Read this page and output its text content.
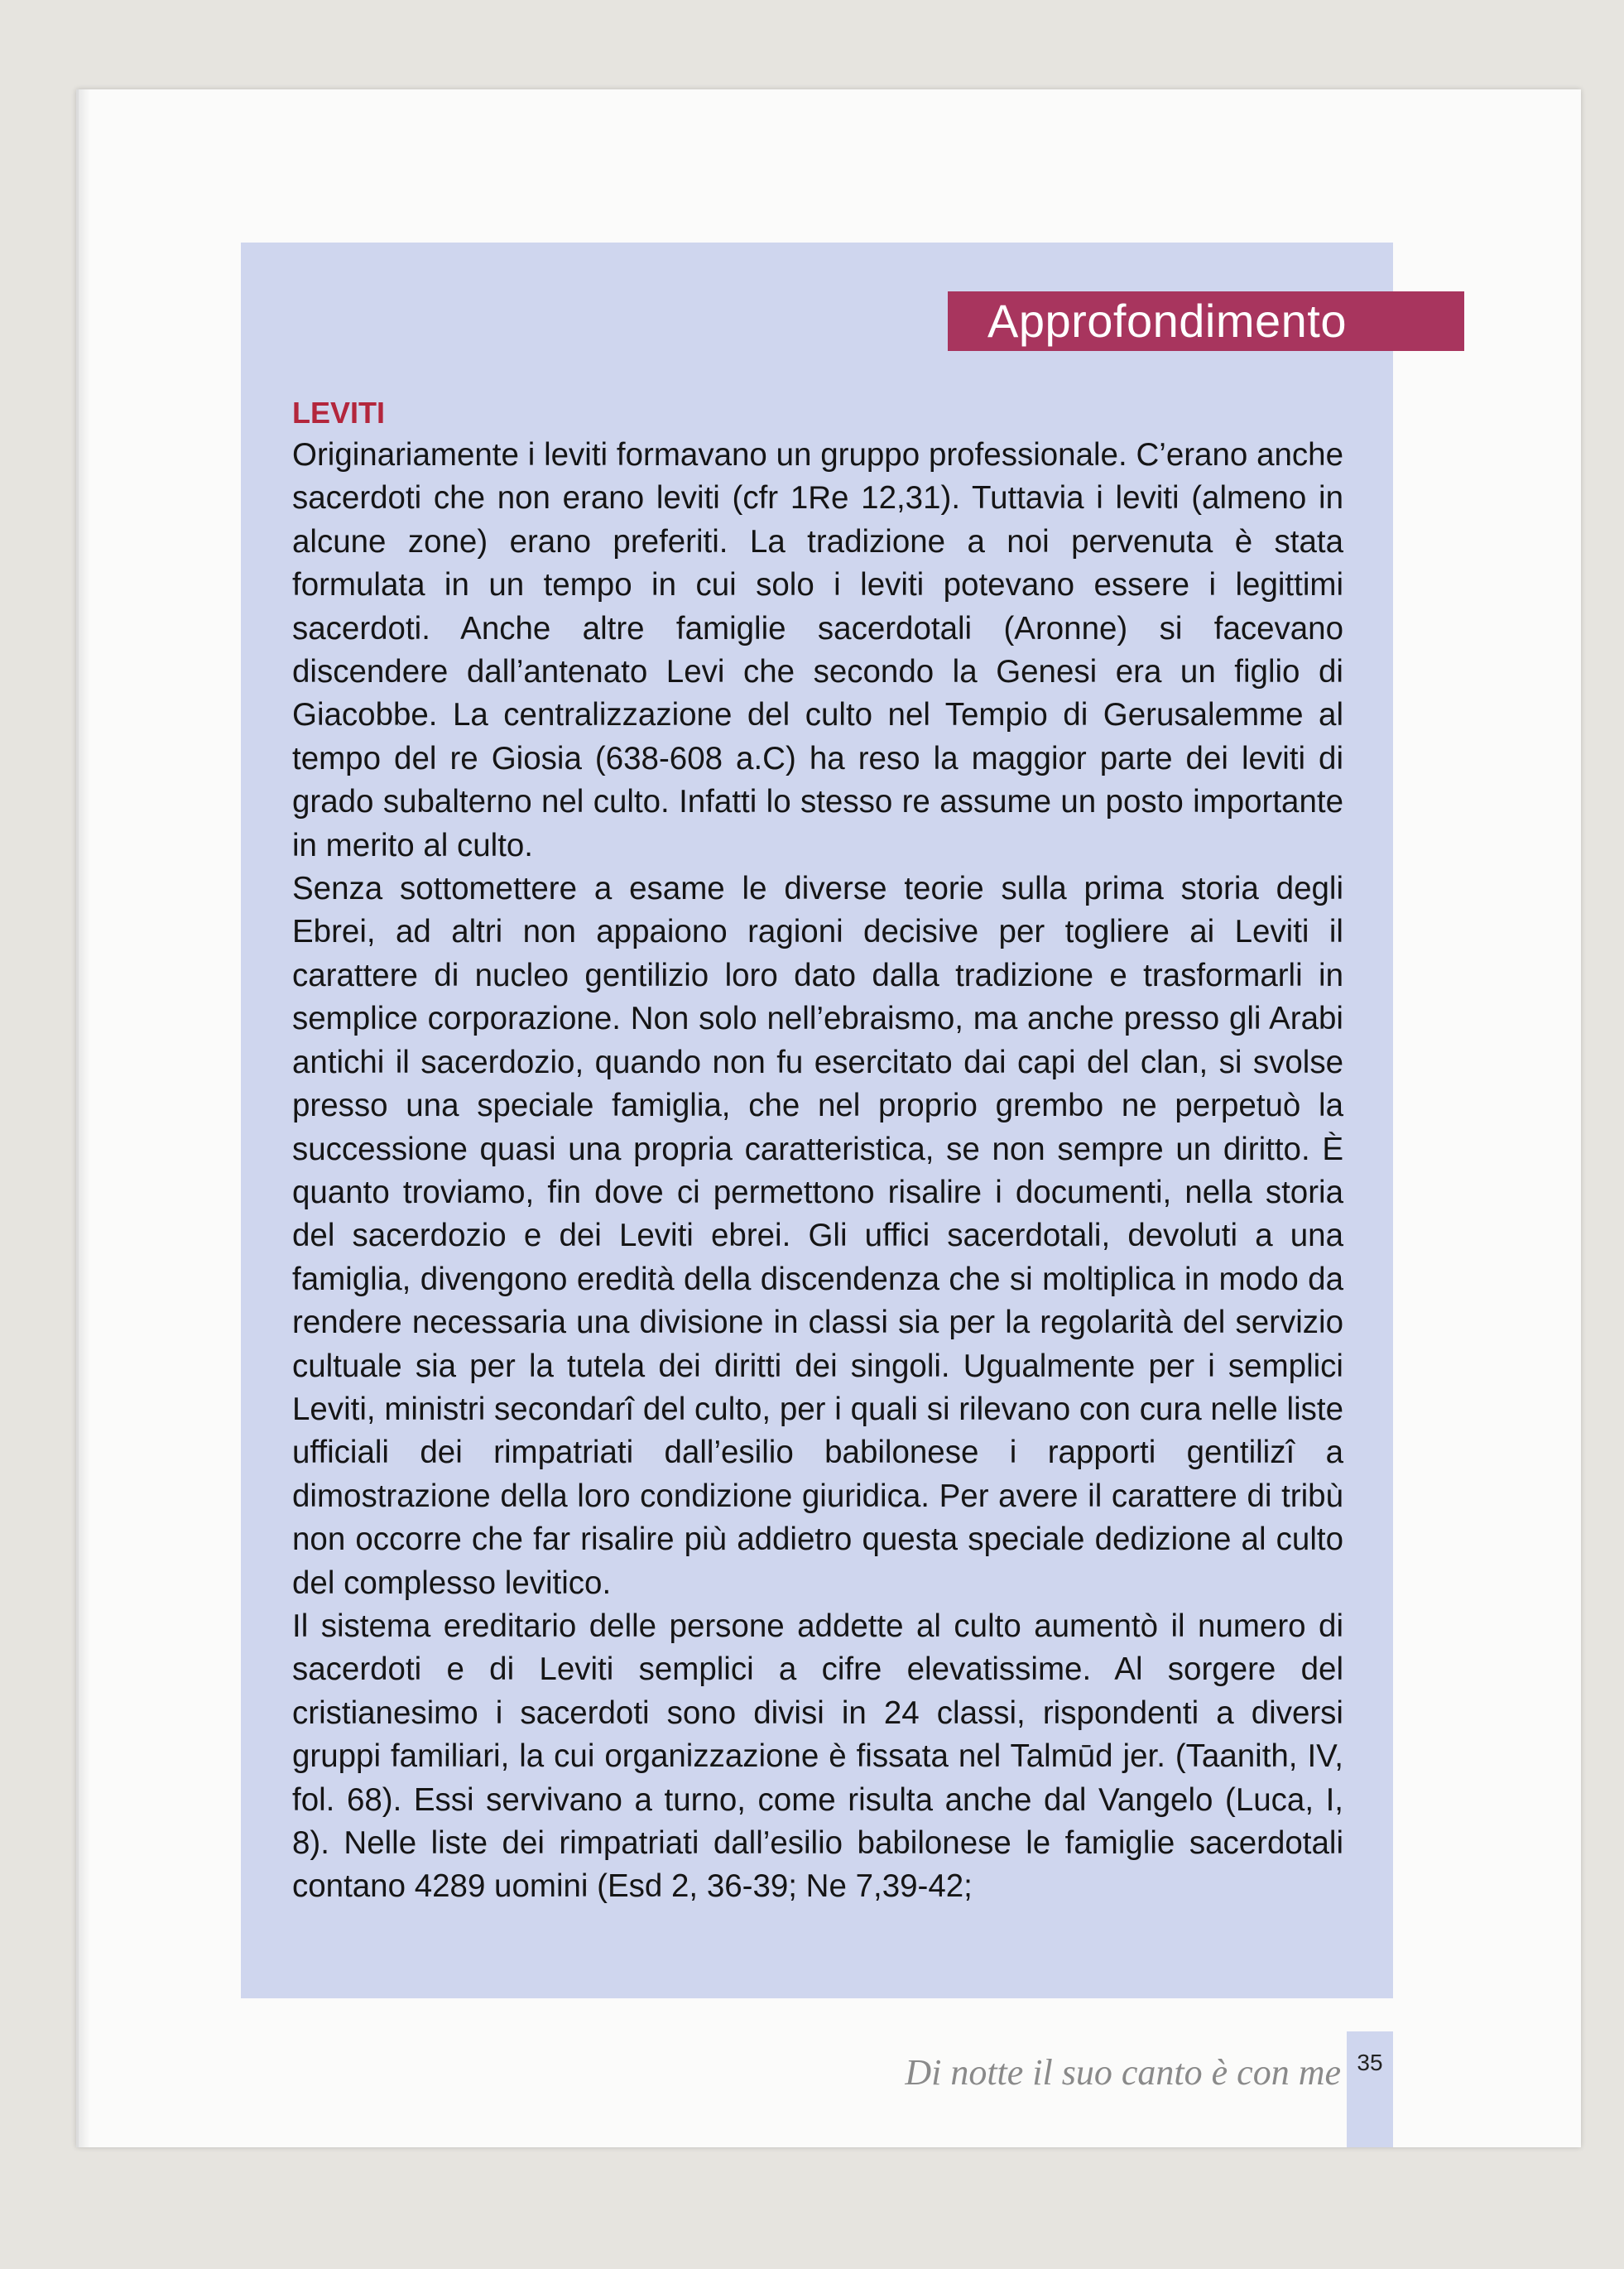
Approfondimento
LEVITI

Originariamente i leviti formavano un gruppo professionale. C’erano anche sacerdoti che non erano leviti (cfr 1Re 12,31). Tuttavia i leviti (almeno in alcune zone) erano preferiti. La tradizione a noi pervenuta è stata formulata in un tempo in cui solo i leviti potevano essere i legittimi sacerdoti. Anche altre famiglie sacerdotali (Aronne) si facevano discendere dall’antenato Levi che secondo la Genesi era un figlio di Giacobbe. La centralizzazione del culto nel Tempio di Gerusalemme al tempo del re Giosia (638-608 a.C) ha reso la maggior parte dei leviti di grado subalterno nel culto. Infatti lo stesso re assume un posto importante in merito al culto.

Senza sottomettere a esame le diverse teorie sulla prima storia degli Ebrei, ad altri non appaiono ragioni decisive per togliere ai Leviti il carattere di nucleo gentilizio loro dato dalla tradizione e trasformarli in semplice corporazione. Non solo nell’ebraismo, ma anche presso gli Arabi antichi il sacerdozio, quando non fu esercitato dai capi del clan, si svolse presso una speciale famiglia, che nel proprio grembo ne perpetuò la successione quasi una propria caratteristica, se non sempre un diritto. È quanto troviamo, fin dove ci permettono risalire i documenti, nella storia del sacerdozio e dei Leviti ebrei. Gli uffici sacerdotali, devoluti a una famiglia, divengono eredità della discendenza che si moltiplica in modo da rendere necessaria una divisione in classi sia per la regolarità del servizio cultuale sia per la tutela dei diritti dei singoli. Ugualmente per i semplici Leviti, ministri secondarî del culto, per i quali si rilevano con cura nelle liste ufficiali dei rimpatriati dall’esilio babilonese i rapporti gentilizî a dimostrazione della loro condizione giuridica. Per avere il carattere di tribù non occorre che far risalire più addietro questa speciale dedizione al culto del complesso levitico.

Il sistema ereditario delle persone addette al culto aumentò il numero di sacerdoti e di Leviti semplici a cifre elevatissime. Al sorgere del cristianesimo i sacerdoti sono divisi in 24 classi, rispondenti a diversi gruppi familiari, la cui organizzazione è fissata nel Talmūd jer. (Taanith, IV, fol. 68). Essi servivano a turno, come risulta anche dal Vangelo (Luca, I, 8). Nelle liste dei rimpatriati dall’esilio babilonese le famiglie sacerdotali contano 4289 uomini (Esd 2, 36-39; Ne 7,39-42;

Di notte il suo canto è con me 35
